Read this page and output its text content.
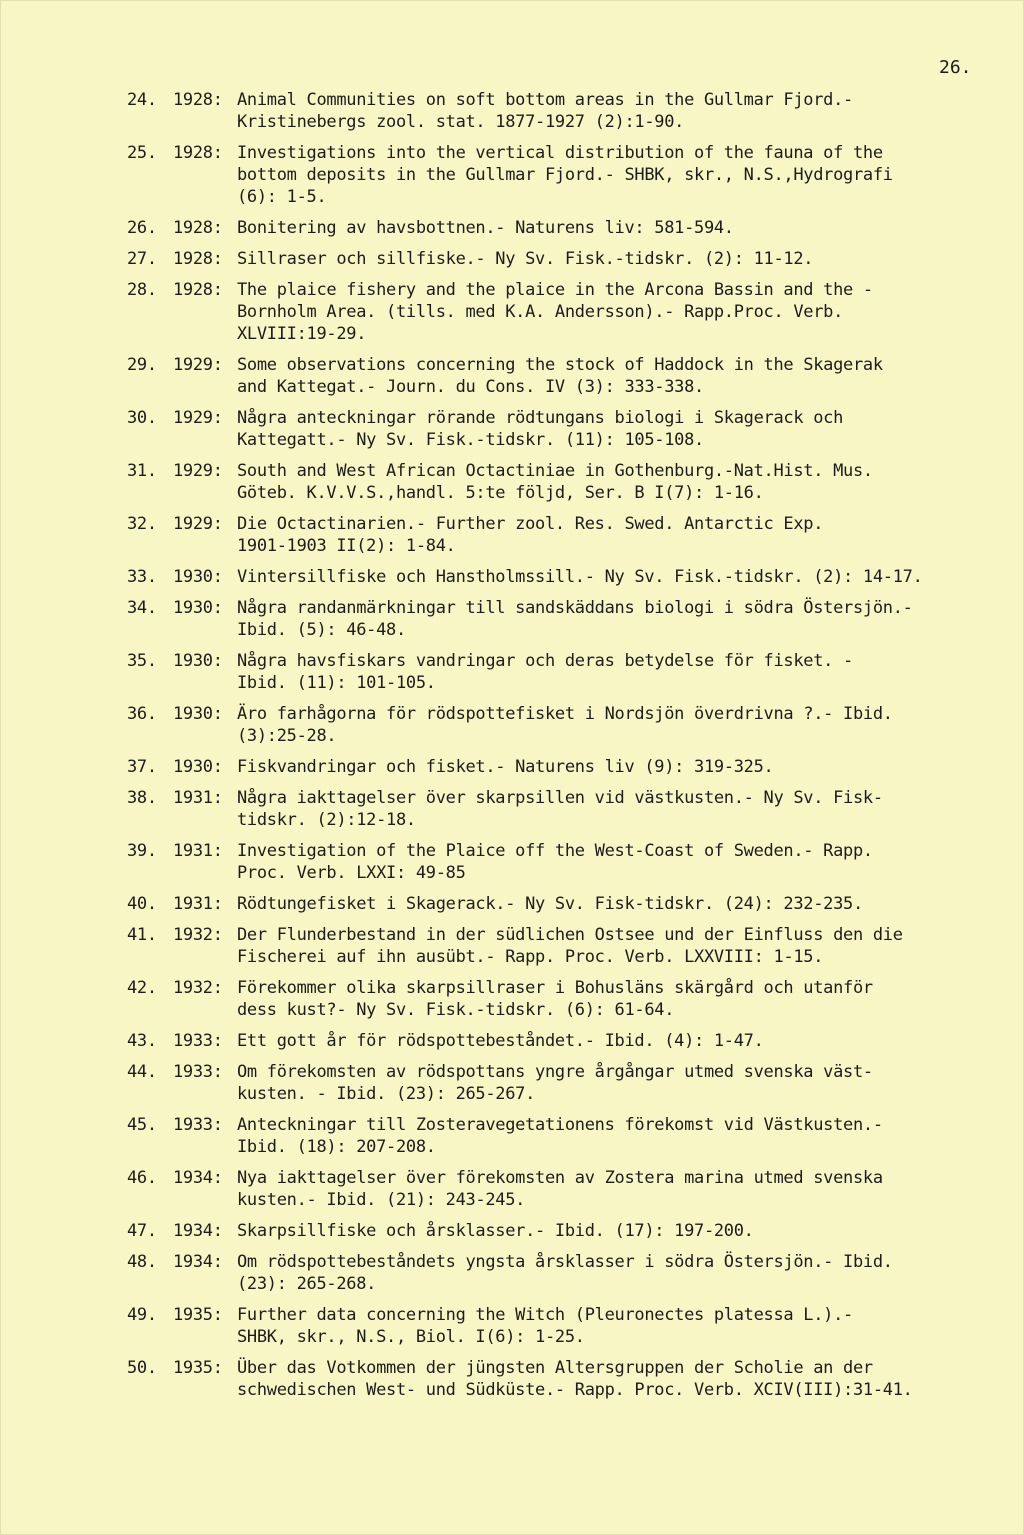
26.
24. 1928: Animal Communities on soft bottom areas in the Gullmar Fjord.-
Kristinebergs zool. stat. 1877-1927 (2):1-90.
25. 1928: Investigations into the vertical distribution of the fauna of the
bottom deposits in the Gullmar Fjord.- SHBK, skr., N.S.,Hydrografi
(6): 1-5.
26. 1928: Bonitering av havsbottnen.- Naturens liv: 581-594.
27. 1928: Sillraser och sillfiske.- Ny Sv. Fisk.-tidskr. (2): 11-12.
28. 1928: The plaice fishery and the plaice in the Arcona Bassin and the -
Bornholm Area. (tills. med K.A. Andersson).- Rapp.Proc. Verb.
XLVIII:19-29.
29. 1929: Some observations concerning the stock of Haddock in the Skagerak
and Kattegat.- Journ. du Cons. IV (3): 333-338.
30. 1929: Några anteckningar rörande rödtungans biologi i Skagerack och
Kattegatt.- Ny Sv. Fisk.-tidskr. (11): 105-108.
31. 1929: South and West African Octactiniae in Gothenburg.-Nat.Hist. Mus.
Göteb. K.V.V.S.,handl. 5:te följd, Ser. B I(7): 1-16.
32. 1929: Die Octactinarien.- Further zool. Res. Swed. Antarctic Exp.
1901-1903 II(2): 1-84.
33. 1930: Vintersillfiske och Hanstholmssill.- Ny Sv. Fisk.-tidskr. (2): 14-17.
34. 1930: Några randanmärkningar till sandskäddans biologi i södra Östersjön.-
Ibid. (5): 46-48.
35. 1930: Några havsfiskars vandringar och deras betydelse för fisket. -
Ibid. (11): 101-105.
36. 1930: Äro farhågorna för rödspottefisket i Nordsjön överdrivna ?.- Ibid.
(3):25-28.
37. 1930: Fiskvandringar och fisket.- Naturens liv (9): 319-325.
38. 1931: Några iakttagelser över skarpsillen vid västkusten.- Ny Sv. Fisk-
tidskr. (2):12-18.
39. 1931: Investigation of the Plaice off the West-Coast of Sweden.- Rapp.
Proc. Verb. LXXI: 49-85
40. 1931: Rödtungefisket i Skagerack.- Ny Sv. Fisk-tidskr. (24): 232-235.
41. 1932: Der Flunderbestand in der südlichen Ostsee und der Einfluss den die
Fischerei auf ihn ausübt.- Rapp. Proc. Verb. LXXVIII: 1-15.
42. 1932: Förekommer olika skarpsillraser i Bohusläns skärgård och utanför
dess kust?- Ny Sv. Fisk.-tidskr. (6): 61-64.
43. 1933: Ett gott år för rödspottebeståndet.- Ibid. (4): 1-47.
44. 1933: Om förekomsten av rödspottans yngre årgångar utmed svenska väst-
kusten. - Ibid. (23): 265-267.
45. 1933: Anteckningar till Zosteravegetationens förekomst vid Västkusten.-
Ibid. (18): 207-208.
46. 1934: Nya iakttagelser över förekomsten av Zostera marina utmed svenska
kusten.- Ibid. (21): 243-245.
47. 1934: Skarpsillfiske och årsklasser.- Ibid. (17): 197-200.
48. 1934: Om rödspottebeståndets yngsta årsklasser i södra Östersjön.- Ibid.
(23): 265-268.
49. 1935: Further data concerning the Witch (Pleuronectes platessa L.).-
SHBK, skr., N.S., Biol. I(6): 1-25.
50. 1935: Über das Votkommen der jüngsten Altersgruppen der Scholie an der
schwedischen West- und Südküste.- Rapp. Proc. Verb. XCIV(III):31-41.
